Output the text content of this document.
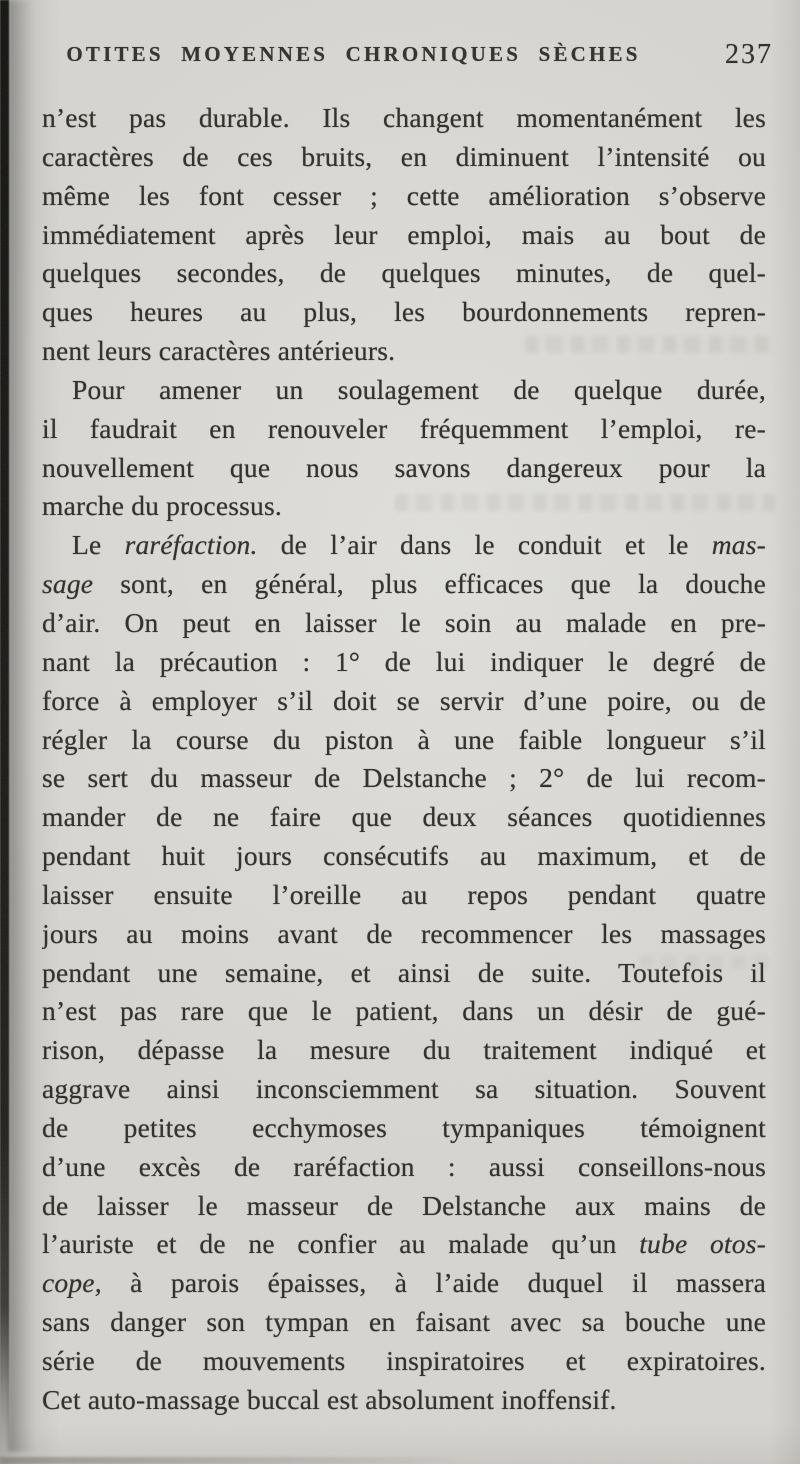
OTITES MOYENNES CHRONIQUES SÈCHES	237
n’est pas durable. Ils changent momentanément les
caractères de ces bruits, en diminuent l’intensité ou
même les font cesser ; cette amélioration s’observe
immédiatement après leur emploi, mais au bout de
quelques secondes, de quelques minutes, de quel-
ques heures au plus, les bourdonnements repren-
nent leurs caractères antérieurs.
Pour amener un soulagement de quelque durée,
il faudrait en renouveler fréquemment l’emploi, re-
nouvellement que nous savons dangereux pour la
marche du processus.
Le raréfaction. de l’air dans le conduit et le mas-
sage sont, en général, plus efficaces que la douche
d’air. On peut en laisser le soin au malade en pre-
nant la précaution : 1° de lui indiquer le degré de
force à employer s’il doit se servir d’une poire, ou de
régler la course du piston à une faible longueur s’il
se sert du masseur de Delstanche ; 2° de lui recom-
mander de ne faire que deux séances quotidiennes
pendant huit jours consécutifs au maximum, et de
laisser ensuite l’oreille au repos pendant quatre
jours au moins avant de recommencer les massages
pendant une semaine, et ainsi de suite. Toutefois il
n’est pas rare que le patient, dans un désir de gué-
rison, dépasse la mesure du traitement indiqué et
aggrave ainsi inconsciemment sa situation. Souvent
de petites ecchymoses tympaniques témoignent
d’une excès de raréfaction : aussi conseillons-nous
de laisser le masseur de Delstanche aux mains de
l’auriste et de ne confier au malade qu’un tube otos-
cope, à parois épaisses, à l’aide duquel il massera
sans danger son tympan en faisant avec sa bouche une
série de mouvements inspiratoires et expiratoires.
Cet auto-massage buccal est absolument inoffensif.
